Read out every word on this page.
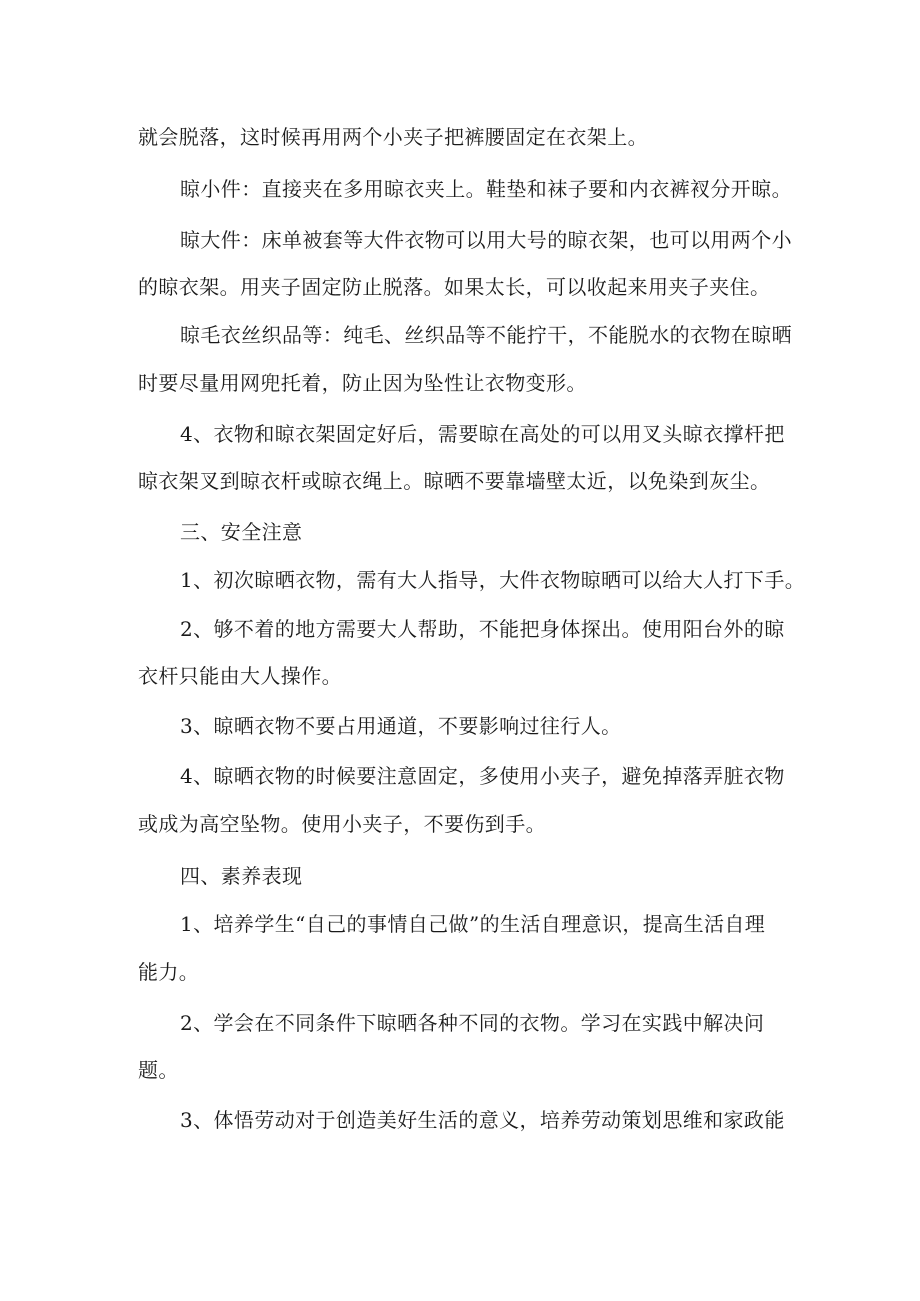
就会脱落，这时候再用两个小夹子把裤腰固定在衣架上。
晾小件：直接夹在多用晾衣夹上。鞋垫和袜子要和内衣裤衩分开晾。
晾大件：床单被套等大件衣物可以用大号的晾衣架，也可以用两个小
的晾衣架。用夹子固定防止脱落。如果太长，可以收起来用夹子夹住。
晾毛衣丝织品等：纯毛、丝织品等不能拧干，不能脱水的衣物在晾晒
时要尽量用网兜托着，防止因为坠性让衣物变形。
4、衣物和晾衣架固定好后，需要晾在高处的可以用叉头晾衣撑杆把
晾衣架叉到晾衣杆或晾衣绳上。晾晒不要靠墙壁太近，以免染到灰尘。
三、安全注意
1、初次晾晒衣物，需有大人指导，大件衣物晾晒可以给大人打下手。
2、够不着的地方需要大人帮助，不能把身体探出。使用阳台外的晾
衣杆只能由大人操作。
3、晾晒衣物不要占用通道，不要影响过往行人。
4、晾晒衣物的时候要注意固定，多使用小夹子，避免掉落弄脏衣物
或成为高空坠物。使用小夹子，不要伤到手。
四、素养表现
1、培养学生“自己的事情自己做”的生活自理意识，提高生活自理
能力。
2、学会在不同条件下晾晒各种不同的衣物。学习在实践中解决问
题。
3、体悟劳动对于创造美好生活的意义，培养劳动策划思维和家政能
